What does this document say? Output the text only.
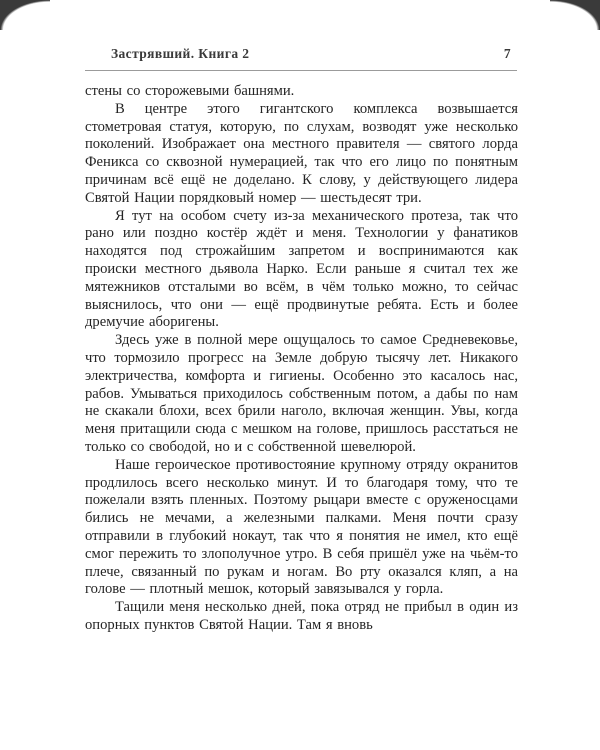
Застрявший. Книга 2	7

стены со сторожевыми башнями.

В центре этого гигантского комплекса возвышается стометровая статуя, которую, по слухам, возводят уже несколько поколений. Изображает она местного правителя — святого лорда Феникса со сквозной нумерацией, так что его лицо по понятным причинам всё ещё не доделано. К слову, у действующего лидера Святой Нации порядковый номер — шестьдесят три.

Я тут на особом счету из-за механического протеза, так что рано или поздно костёр ждёт и меня. Технологии у фанатиков находятся под строжайшим запретом и воспринимаются как происки местного дьявола Нарко. Если раньше я считал тех же мятежников отсталыми во всём, в чём только можно, то сейчас выяснилось, что они — ещё продвинутые ребята. Есть и более дремучие аборигены.

Здесь уже в полной мере ощущалось то самое Средневековье, что тормозило прогресс на Земле добрую тысячу лет. Никакого электричества, комфорта и гигиены. Особенно это касалось нас, рабов. Умываться приходилось собственным потом, а дабы по нам не скакали блохи, всех брили наголо, включая женщин. Увы, когда меня притащили сюда с мешком на голове, пришлось расстаться не только со свободой, но и с собственной шевелюрой.

Наше героическое противостояние крупному отряду окранитов продлилось всего несколько минут. И то благодаря тому, что те пожелали взять пленных. Поэтому рыцари вместе с оруженосцами бились не мечами, а железными палками. Меня почти сразу отправили в глубокий нокаут, так что я понятия не имел, кто ещё смог пережить то злополучное утро. В себя пришёл уже на чьём-то плече, связанный по рукам и ногам. Во рту оказался кляп, а на голове — плотный мешок, который завязывался у горла.

Тащили меня несколько дней, пока отряд не прибыл в один из опорных пунктов Святой Нации. Там я вновь
